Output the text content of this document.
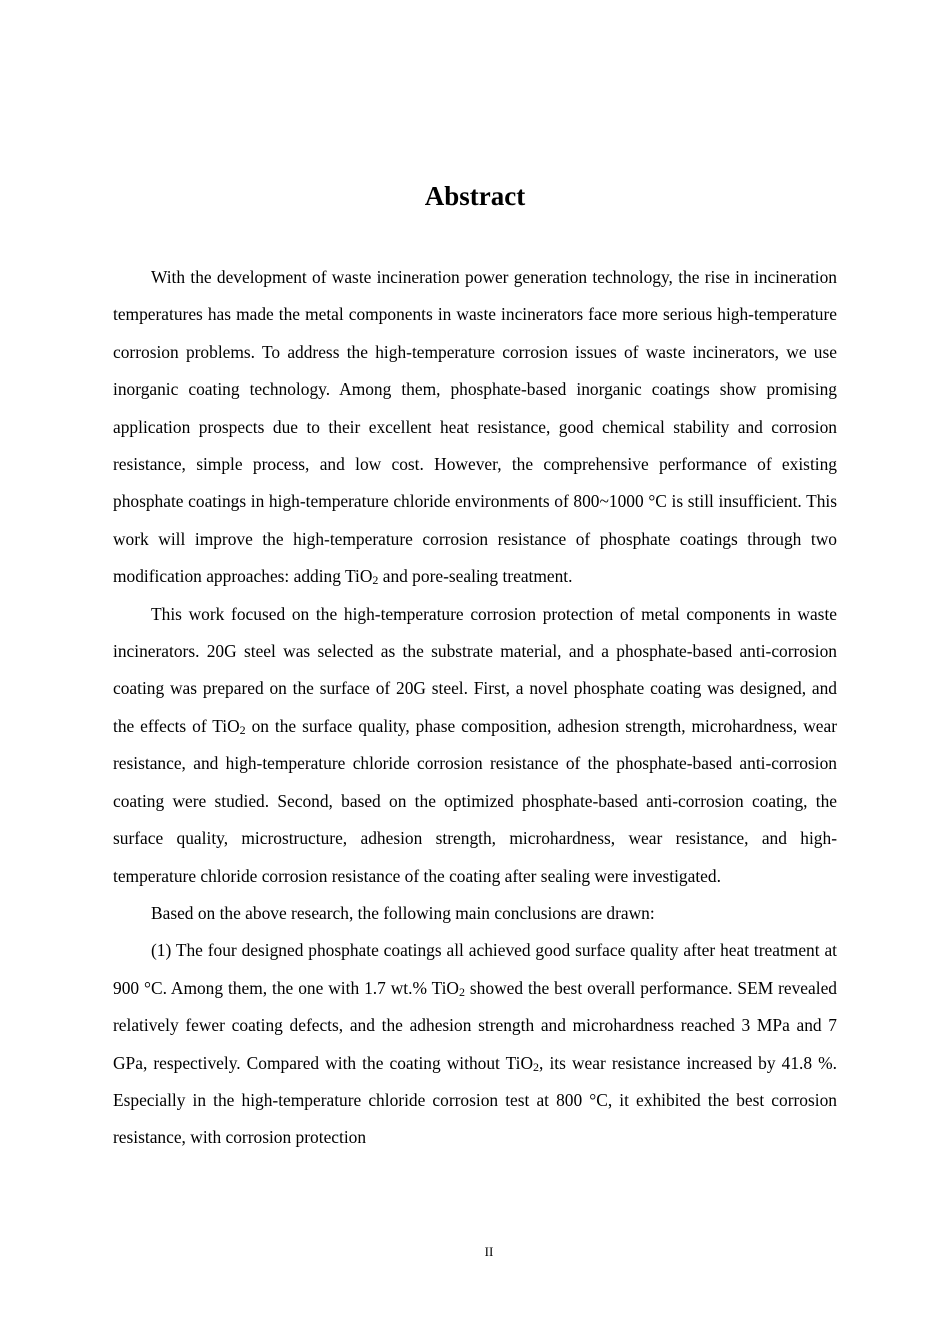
Abstract

With the development of waste incineration power generation technology, the rise in incineration temperatures has made the metal components in waste incinerators face more serious high-temperature corrosion problems. To address the high-temperature corrosion issues of waste incinerators, we use inorganic coating technology. Among them, phosphate-based inorganic coatings show promising application prospects due to their excellent heat resistance, good chemical stability and corrosion resistance, simple process, and low cost. However, the comprehensive performance of existing phosphate coatings in high-temperature chloride environments of 800~1000 °C is still insufficient. This work will improve the high-temperature corrosion resistance of phosphate coatings through two modification approaches: adding TiO2 and pore-sealing treatment.

This work focused on the high-temperature corrosion protection of metal components in waste incinerators. 20G steel was selected as the substrate material, and a phosphate-based anti-corrosion coating was prepared on the surface of 20G steel. First, a novel phosphate coating was designed, and the effects of TiO2 on the surface quality, phase composition, adhesion strength, microhardness, wear resistance, and high-temperature chloride corrosion resistance of the phosphate-based anti-corrosion coating were studied. Second, based on the optimized phosphate-based anti-corrosion coating, the surface quality, microstructure, adhesion strength, microhardness, wear resistance, and high-temperature chloride corrosion resistance of the coating after sealing were investigated.

Based on the above research, the following main conclusions are drawn:

(1) The four designed phosphate coatings all achieved good surface quality after heat treatment at 900 °C. Among them, the one with 1.7 wt.% TiO2 showed the best overall performance. SEM revealed relatively fewer coating defects, and the adhesion strength and microhardness reached 3 MPa and 7 GPa, respectively. Compared with the coating without TiO2, its wear resistance increased by 41.8 %. Especially in the high-temperature chloride corrosion test at 800 °C, it exhibited the best corrosion resistance, with corrosion protection

II
